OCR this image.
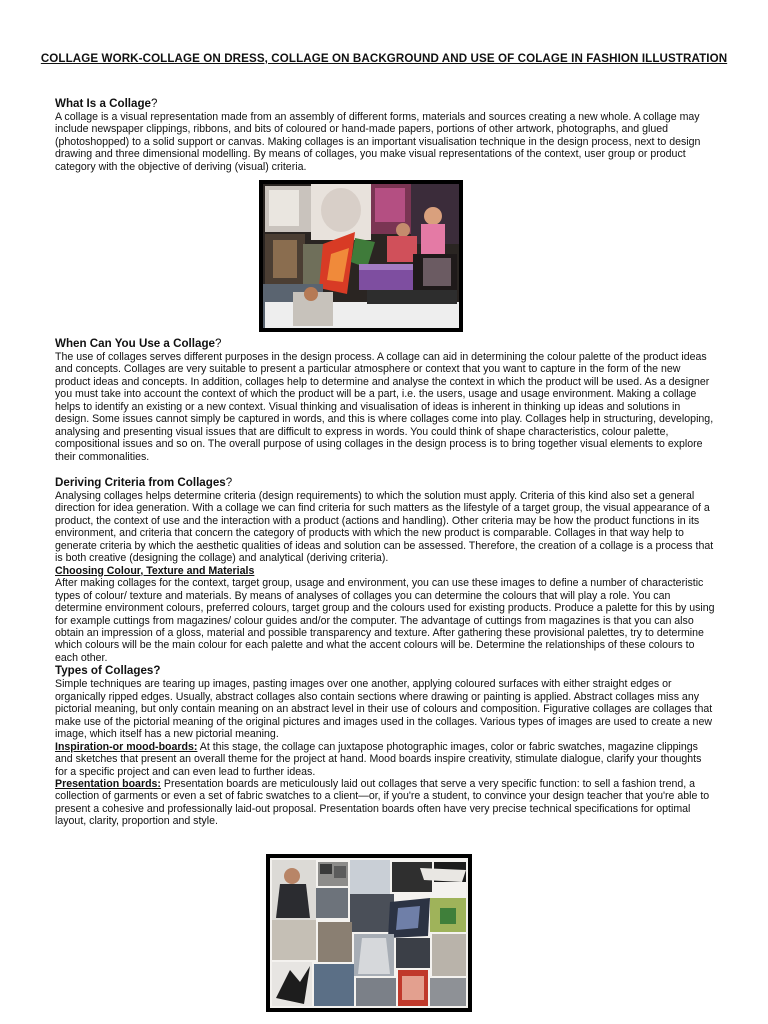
COLLAGE WORK-COLLAGE ON DRESS, COLLAGE ON BACKGROUND AND USE OF COLAGE IN FASHION ILLUSTRATION
What Is a Collage?

A collage is a visual representation made from an assembly of different forms, materials and sources creating a new whole. A collage may include newspaper clippings, ribbons, and bits of coloured or hand-made papers, portions of other artwork, photographs, and glued (photoshopped) to a solid support or canvas. Making collages is an important visualisation technique in the design process, next to design drawing and three dimensional modelling. By means of collages, you make visual representations of the context, user group or product category with the objective of deriving (visual) criteria.

When Can You Use a Collage?

The use of collages serves different purposes in the design process. A collage can aid in determining the colour palette of the product ideas and concepts. Collages are very suitable to present a particular atmosphere or context that you want to capture in the form of the new product ideas and concepts. In addition, collages help to determine and analyse the context in which the product will be used. As a designer you must take into account the context of which the product will be a part, i.e. the users, usage and usage environment. Making a collage helps to identify an existing or a new context. Visual thinking and visualisation of ideas is inherent in thinking up ideas and solutions in design. Some issues cannot simply be captured in words, and this is where collages come into play. Collages help in structuring, developing, analysing and presenting visual issues that are difficult to express in words. You could think of shape characteristics, colour palette, compositional issues and so on. The overall purpose of using collages in the design process is to bring together visual elements to explore their commonalities.

Deriving Criteria from Collages?

Analysing collages helps determine criteria (design requirements) to which the solution must apply. Criteria of this kind also set a general direction for idea generation. With a collage we can find criteria for such matters as the lifestyle of a target group, the visual appearance of a product, the context of use and the interaction with a product (actions and handling). Other criteria may be how the product functions in its environment, and criteria that concern the category of products with which the new product is comparable. Collages in that way help to generate criteria by which the aesthetic qualities of ideas and solution can be assessed. Therefore, the creation of a collage is a process that is both creative (designing the collage) and analytical (deriving criteria).

Choosing Colour, Texture and Materials

After making collages for the context, target group, usage and environment, you can use these images to define a number of characteristic types of colour/ texture and materials. By means of analyses of collages you can determine the colours that will play a role. You can determine environment colours, preferred colours, target group and the colours used for existing products. Produce a palette for this by using for example cuttings from magazines/ colour guides and/or the computer. The advantage of cuttings from magazines is that you can also obtain an impression of a gloss, material and possible transparency and texture. After gathering these provisional palettes, try to determine which colours will be the main colour for each palette and what the accent colours will be. Determine the relationships of these colours to each other.

Types of Collages?

Simple techniques are tearing up images, pasting images over one another, applying coloured surfaces with either straight edges or organically ripped edges. Usually, abstract collages also contain sections where drawing or painting is applied. Abstract collages miss any pictorial meaning, but only contain meaning on an abstract level in their use of colours and composition. Figurative collages are collages that make use of the pictorial meaning of the original pictures and images used in the collages. Various types of images are used to create a new image, which itself has a new pictorial meaning.

Inspiration-or mood-boards: At this stage, the collage can juxtapose photographic images, color or fabric swatches, magazine clippings and sketches that present an overall theme for the project at hand. Mood boards inspire creativity, stimulate dialogue, clarify your thoughts for a specific project and can even lead to further ideas.

Presentation boards: Presentation boards are meticulously laid out collages that serve a very specific function: to sell a fashion trend, a collection of garments or even a set of fabric swatches to a client—or, if you're a student, to convince your design teacher that you're able to present a cohesive and professionally laid-out proposal. Presentation boards often have very precise technical specifications for optimal layout, clarity, proportion and style.
